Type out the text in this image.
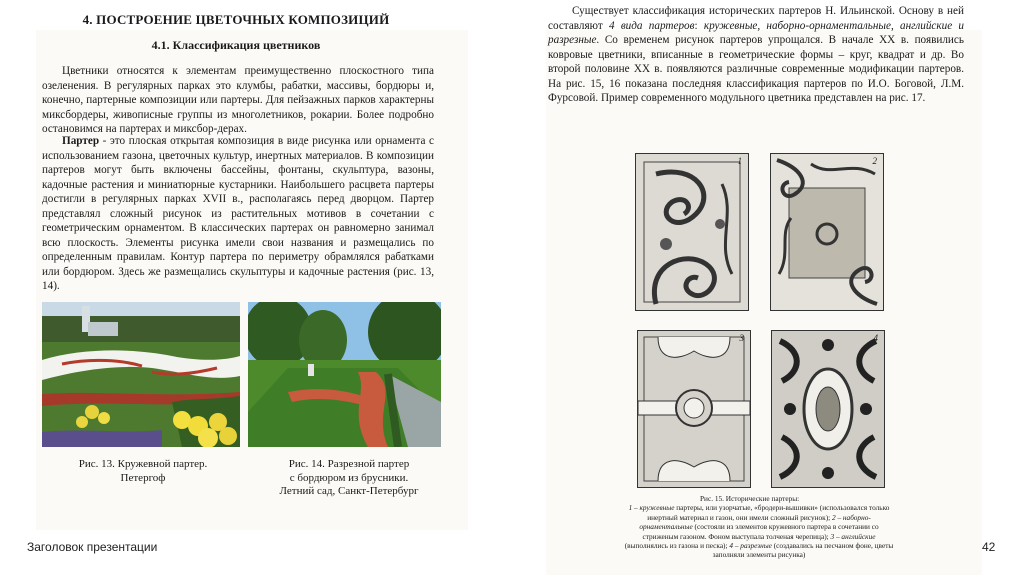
4. ПОСТРОЕНИЕ ЦВЕТОЧНЫХ КОМПОЗИЦИЙ
4.1. Классификация цветников

Цветники относятся к элементам преимущественно плоскостного типа озеленения. В регулярных парках это клумбы, рабатки, массивы, бордюры и, конечно, партерные композиции или партеры. Для пейзажных парков характерны миксбордеры, живописные группы из многолетников, рокарии. Более подробно остановимся на партерах и миксбор-дерах.

Партер - это плоская открытая композиция в виде рисунка или орнамента с использованием газона, цветочных культур, инертных материалов. В композиции партеров могут быть включены бассейны, фонтаны, скульптура, вазоны, кадочные растения и миниатюрные кустарники. Наибольшего расцвета партеры достигли в регулярных парках XVII в., располагаясь перед дворцом. Партер представлял сложный рисунок из растительных мотивов в сочетании с геометрическим орнаментом. В классических партерах он равномерно занимал всю плоскость. Элементы рисунка имели свои названия и размещались по определенным правилам. Контур партера по периметру обрамлялся рабатками или бордюром. Здесь же размещались скульптуры и кадочные растения (рис. 13, 14).

Рис. 13. Кружевной партер.
Петергоф
Рис. 14. Разрезной партер
с бордюром из брусники.
Летний сад, Санкт-Петербург

Существует классификация исторических партеров Н. Ильинской. Основу в ней составляют 4 вида партеров: кружевные, наборно-орнаментальные, английские и разрезные. Со временем рисунок партеров упрощался. В начале XX в. появились ковровые цветники, вписанные в геометрические формы – круг, квадрат и др. Во второй половине XX в. появляются различные современные модификации партеров. На рис. 15, 16 показана последняя классификация партеров по И.О. Боговой, Л.М. Фурсовой. Пример современного модульного цветника представлен на рис. 17.

1	2
3	4
Рис. 15. Исторические партеры:
1 – кружевные партеры, или узорчатые, «бродери-вышивки» (использовался только инертный материал и газон, они имели сложный рисунок); 2 – наборно-орнаментальные (состояли из элементов кружевного партера в сочетании со стриженым газоном. Фоном выступала толченая черепица); 3 – английские (выполнялись из газона и песка); 4 – разрезные (создавались на песчаном фоне, цветы заполняли элементы рисунка)
Заголовок презентации	42
